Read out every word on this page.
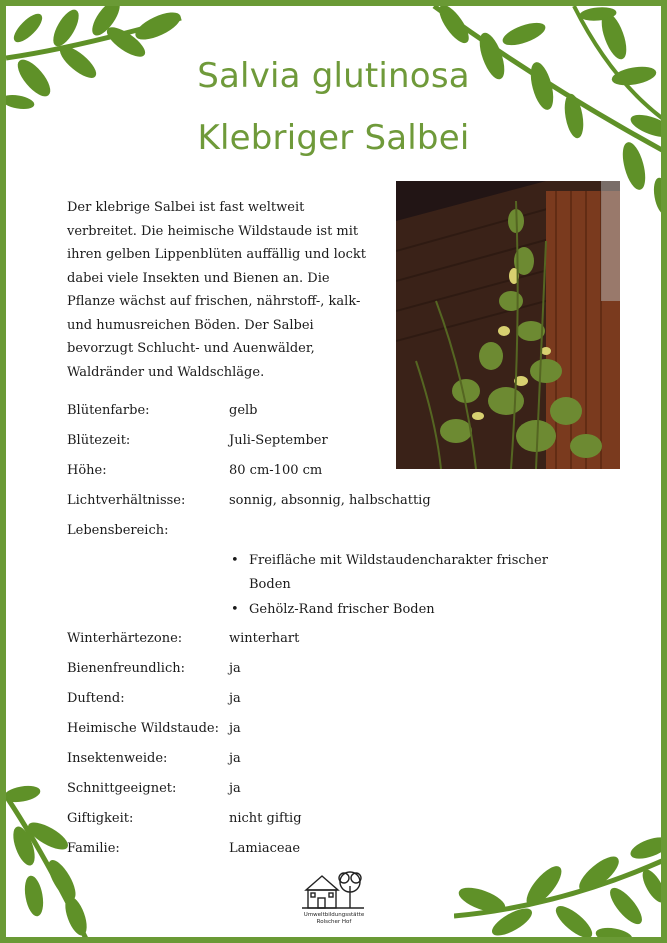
Salvia glutinosa
Klebriger Salbei
Der klebrige Salbei ist fast weltweit verbreitet. Die heimische Wildstaude ist mit ihren gelben Lippenblüten auffällig und lockt dabei viele Insekten und Bienen an. Die Pflanze wächst auf frischen, nährstoff-, kalk- und humusreichen Böden. Der Salbei bevorzugt Schlucht- und Auenwälder, Waldränder und Waldschläge.
Blütenfarbe:	gelb
Blütezeit:	Juli-September
Höhe:	80 cm-100 cm
Lichtverhältnisse:	sonnig, absonnig, halbschattig
Lebensbereich:
• Freifläche mit Wildstaudencharakter frischer Boden
• Gehölz-Rand frischer Boden
Winterhärtezone:	winterhart
Bienenfreundlich:	ja
Duftend:	ja
Heimische Wildstaude: ja
Insektenweide:	ja
Schnittgeeignet:	ja
Giftigkeit:	nicht giftig
Familie:	Lamiaceae
Umweltbildungsstätte
Rolscher Hof
